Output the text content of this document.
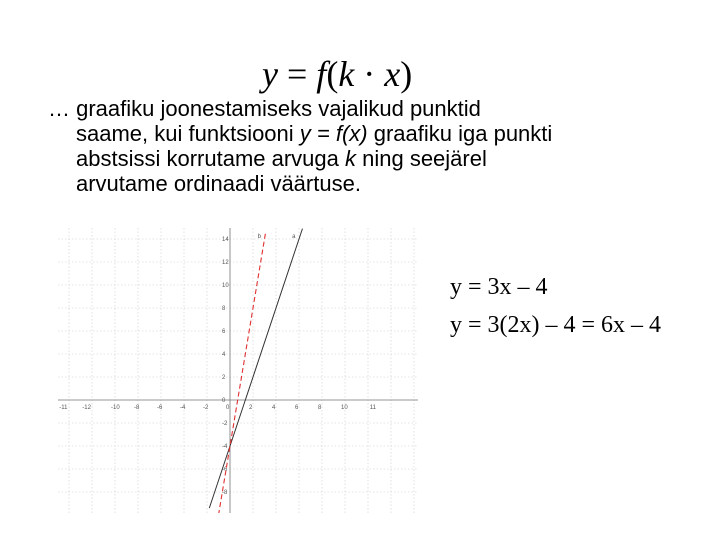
y = f(k · x)
… graafiku joonestamiseks vajalikud punktid
saame, kui funktsiooni y = f(x) graafiku iga punkti
abstsissi korrutame arvuga k ning seejärel
arvutame ordinaadi väärtuse.
-11 -12	-10 -8	-6	-4	-2	0	2	4	6	8	10	11
14
12
10
8
6
4
2
0
-2
-4
-6
-8
b	a
y = 3x – 4
y = 3(2x) – 4 = 6x – 4
